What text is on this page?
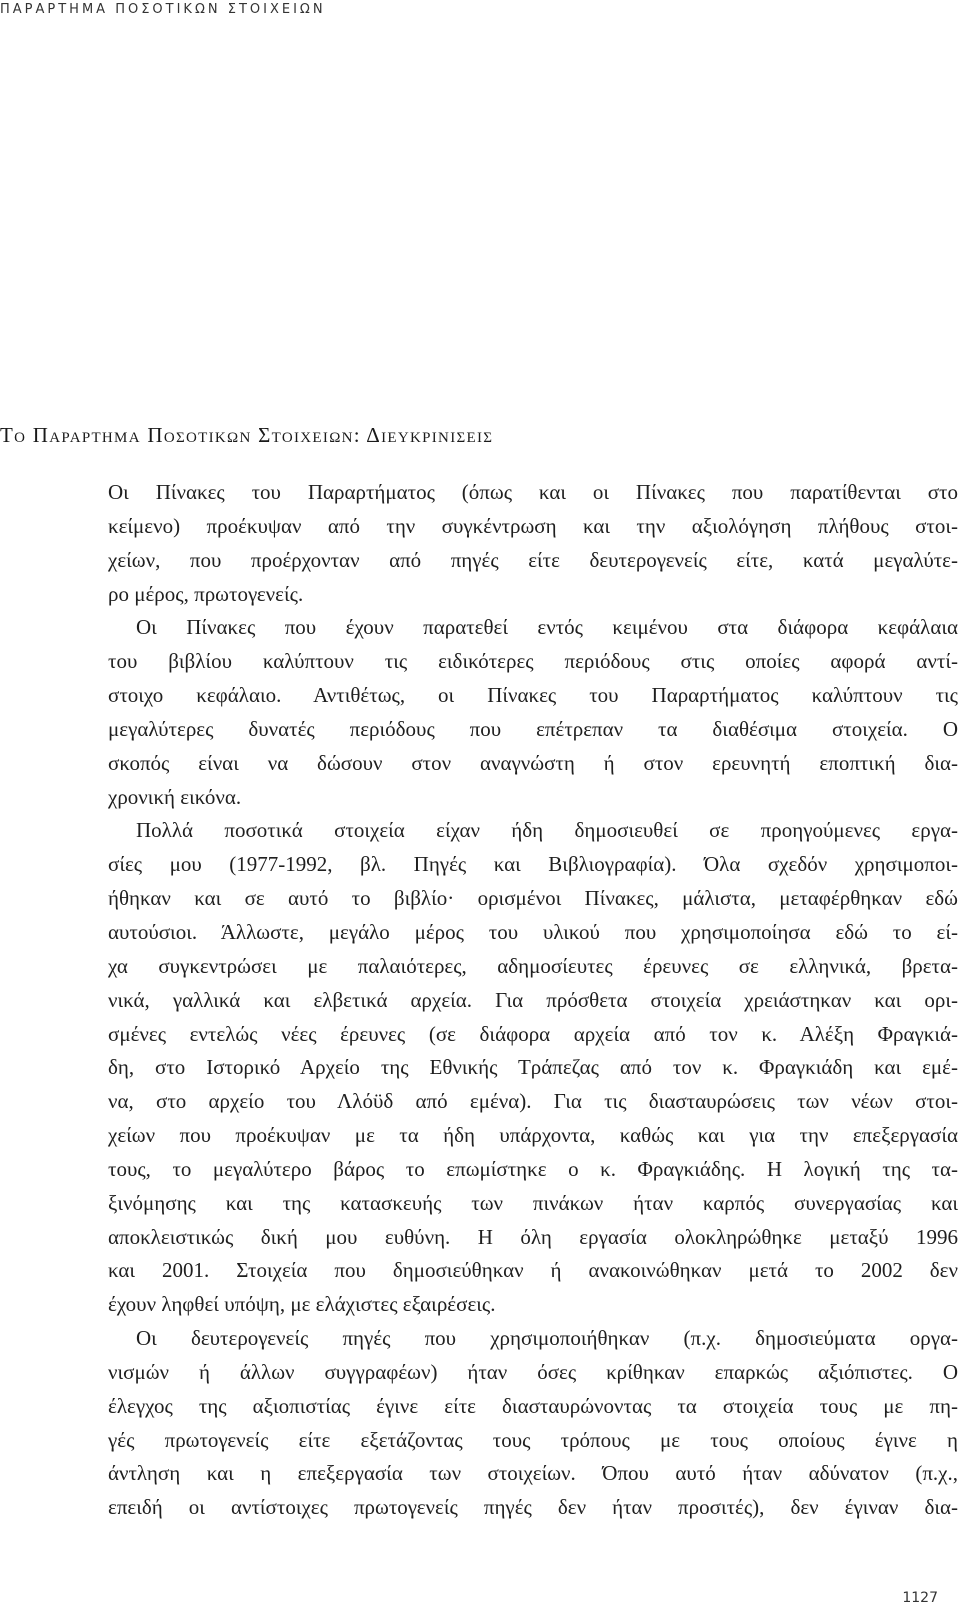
ΠΑΡΑΡΤΗΜΑ ΠΟΣΟΤΙΚΩΝ ΣΤΟΙΧΕΙΩΝ
Το Παραρτημα Ποσοτικων Στοιχειων: Διευκρινισεις
Οι Πίνακες του Παραρτήματος (όπως και οι Πίνακες που παρατίθενται στο
κείμενο) προέκυψαν από την συγκέντρωση και την αξιολόγηση πλήθους στοι-
χείων, που προέρχονταν από πηγές είτε δευτερογενείς είτε, κατά μεγαλύτε-
ρο μέρος, πρωτογενείς.
Οι Πίνακες που έχουν παρατεθεί εντός κειμένου στα διάφορα κεφάλαια
του βιβλίου καλύπτουν τις ειδικότερες περιόδους στις οποίες αφορά αντί-
στοιχο κεφάλαιο. Αντιθέτως, οι Πίνακες του Παραρτήματος καλύπτουν τις
μεγαλύτερες δυνατές περιόδους που επέτρεπαν τα διαθέσιμα στοιχεία. Ο
σκοπός είναι να δώσουν στον αναγνώστη ή στον ερευνητή εποπτική δια-
χρονική εικόνα.
Πολλά ποσοτικά στοιχεία είχαν ήδη δημοσιευθεί σε προηγούμενες εργα-
σίες μου (1977-1992, βλ. Πηγές και Βιβλιογραφία). Όλα σχεδόν χρησιμοποι-
ήθηκαν και σε αυτό το βιβλίο· ορισμένοι Πίνακες, μάλιστα, μεταφέρθηκαν εδώ
αυτούσιοι. Άλλωστε, μεγάλο μέρος του υλικού που χρησιμοποίησα εδώ το εί-
χα συγκεντρώσει με παλαιότερες, αδημοσίευτες έρευνες σε ελληνικά, βρετα-
νικά, γαλλικά και ελβετικά αρχεία. Για πρόσθετα στοιχεία χρειάστηκαν και ορι-
σμένες εντελώς νέες έρευνες (σε διάφορα αρχεία από τον κ. Αλέξη Φραγκιά-
δη, στο Ιστορικό Αρχείο της Εθνικής Τράπεζας από τον κ. Φραγκιάδη και εμέ-
να, στο αρχείο του Λλόϋδ από εμένα). Για τις διασταυρώσεις των νέων στοι-
χείων που προέκυψαν με τα ήδη υπάρχοντα, καθώς και για την επεξεργασία
τους, το μεγαλύτερο βάρος το επωμίστηκε ο κ. Φραγκιάδης. Η λογική της τα-
ξινόμησης και της κατασκευής των πινάκων ήταν καρπός συνεργασίας και
αποκλειστικώς δική μου ευθύνη. Η όλη εργασία ολοκληρώθηκε μεταξύ 1996
και 2001. Στοιχεία που δημοσιεύθηκαν ή ανακοινώθηκαν μετά το 2002 δεν
έχουν ληφθεί υπόψη, με ελάχιστες εξαιρέσεις.
Οι δευτερογενείς πηγές που χρησιμοποιήθηκαν (π.χ. δημοσιεύματα οργα-
νισμών ή άλλων συγγραφέων) ήταν όσες κρίθηκαν επαρκώς αξιόπιστες. Ο
έλεγχος της αξιοπιστίας έγινε είτε διασταυρώνοντας τα στοιχεία τους με πη-
γές πρωτογενείς είτε εξετάζοντας τους τρόπους με τους οποίους έγινε η
άντληση και η επεξεργασία των στοιχείων. Όπου αυτό ήταν αδύνατον (π.χ.,
επειδή οι αντίστοιχες πρωτογενείς πηγές δεν ήταν προσιτές), δεν έγιναν δια-
1127
